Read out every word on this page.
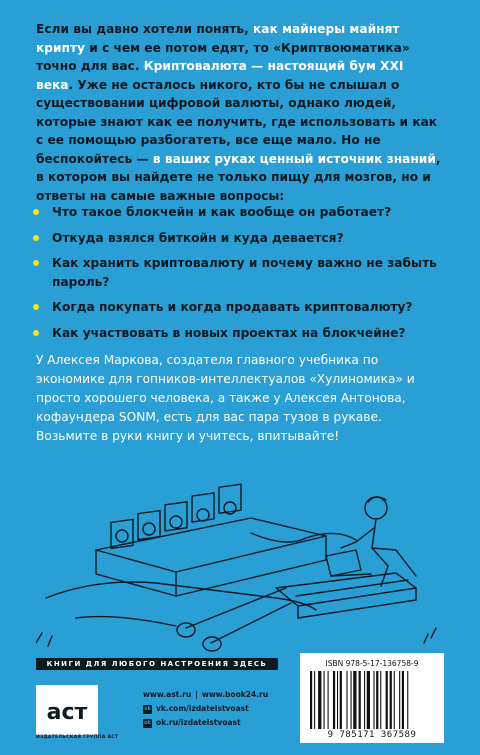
Если вы давно хотели понять, как майнеры майнят крипту и с чем ее потом едят, то «Криптвоюматика» точно для вас. Криптовалюта — настоящий бум XXI века. Уже не осталось никого, кто бы не слышал о существовании цифровой валюты, однако людей, которые знают как ее получить, где использовать и как с ее помощью разбогатеть, все еще мало. Но не беспокойтесь — в ваших руках ценный источник знаний, в котором вы найдете не только пищу для мозгов, но и ответы на самые важные вопросы:

Что такое блокчейн и как вообще он работает?
Откуда взялся биткойн и куда девается?
Как хранить криптовалюту и почему важно не забыть пароль?
Когда покупать и когда продавать криптовалюту?
Как участвовать в новых проектах на блокчейне?

У Алексея Маркова, создателя главного учебника по экономике для гопников-интеллектуалов «Хулиномика» и просто хорошего человека, а также у Алексея Антонова, кофаундера SONM, есть для вас пара тузов в рукаве. Возьмите в руки книгу и учитесь, впитывайте!

КНИГИ ДЛЯ ЛЮБОГО НАСТРОЕНИЯ ЗДЕСЬ
аст
ИЗДАТЕЛЬСКАЯ ГРУППА АСТ
www.ast.ru | www.book24.ru
vk vk.com/izdatelstvoast
ok ok.ru/izdatelstvoast
ISBN 978-5-17-136758-9
9 785171 367589
